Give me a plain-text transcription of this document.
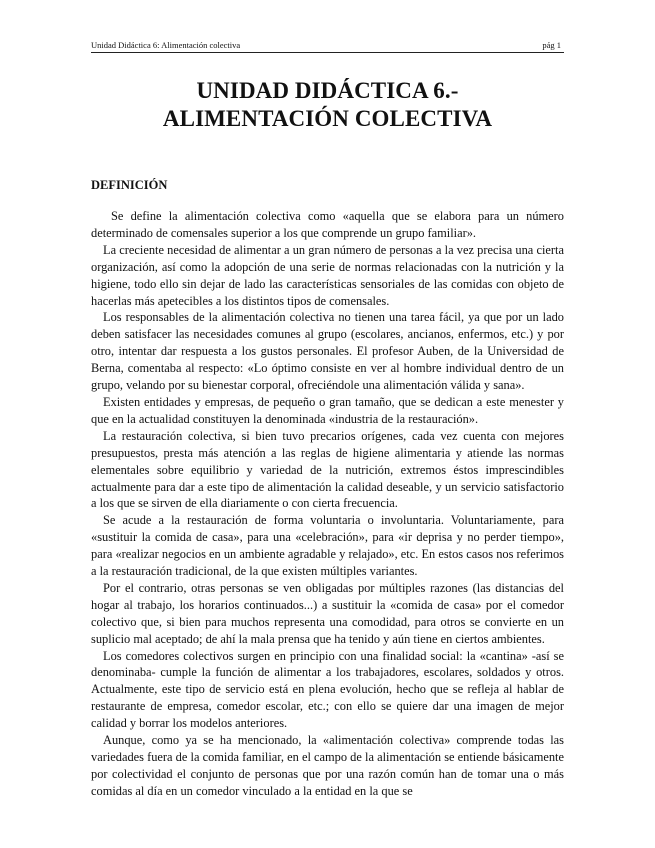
Unidad Didáctica 6: Alimentación colectiva	pág 1
UNIDAD DIDÁCTICA 6.-
ALIMENTACIÓN COLECTIVA
DEFINICIÓN

Se define la alimentación colectiva como «aquella que se elabora para un número determinado de comensales superior a los que comprende un grupo familiar».

La creciente necesidad de alimentar a un gran número de personas a la vez precisa una cierta organización, así como la adopción de una serie de normas relacionadas con la nutrición y la higiene, todo ello sin dejar de lado las características sensoriales de las comidas con objeto de hacerlas más apetecibles a los distintos tipos de comensales.

Los responsables de la alimentación colectiva no tienen una tarea fácil, ya que por un lado deben satisfacer las necesidades comunes al grupo (escolares, ancianos, enfermos, etc.) y por otro, intentar dar respuesta a los gustos personales. El profesor Auben, de la Universidad de Berna, comentaba al respecto: «Lo óptimo consiste en ver al hombre individual dentro de un grupo, velando por su bienestar corporal, ofreciéndole una alimentación válida y sana».

Existen entidades y empresas, de pequeño o gran tamaño, que se dedican a este menester y que en la actualidad constituyen la denominada «industria de la restauración».

La restauración colectiva, si bien tuvo precarios orígenes, cada vez cuenta con mejores presupuestos, presta más atención a las reglas de higiene alimentaria y atiende las normas elementales sobre equilibrio y variedad de la nutrición, extremos éstos imprescindibles actualmente para dar a este tipo de alimentación la calidad deseable, y un servicio satisfactorio a los que se sirven de ella diariamente o con cierta frecuencia.

Se acude a la restauración de forma voluntaria o involuntaria. Voluntariamente, para «sustituir la comida de casa», para una «celebración», para «ir deprisa y no perder tiempo», para «realizar negocios en un ambiente agradable y relajado», etc. En estos casos nos referimos a la restauración tradicional, de la que existen múltiples variantes.

Por el contrario, otras personas se ven obligadas por múltiples razones (las distancias del hogar al trabajo, los horarios continuados...) a sustituir la «comida de casa» por el comedor colectivo que, si bien para muchos representa una comodidad, para otros se convierte en un suplicio mal aceptado; de ahí la mala prensa que ha tenido y aún tiene en ciertos ambientes.

Los comedores colectivos surgen en principio con una finalidad social: la «cantina» -así se denominaba- cumple la función de alimentar a los trabajadores, escolares, soldados y otros. Actualmente, este tipo de servicio está en plena evolución, hecho que se refleja al hablar de restaurante de empresa, comedor escolar, etc.; con ello se quiere dar una imagen de mejor calidad y borrar los modelos anteriores.

Aunque, como ya se ha mencionado, la «alimentación colectiva» comprende todas las variedades fuera de la comida familiar, en el campo de la alimentación se entiende básicamente por colectividad el conjunto de personas que por una razón común han de tomar una o más comidas al día en un comedor vinculado a la entidad en la que se
